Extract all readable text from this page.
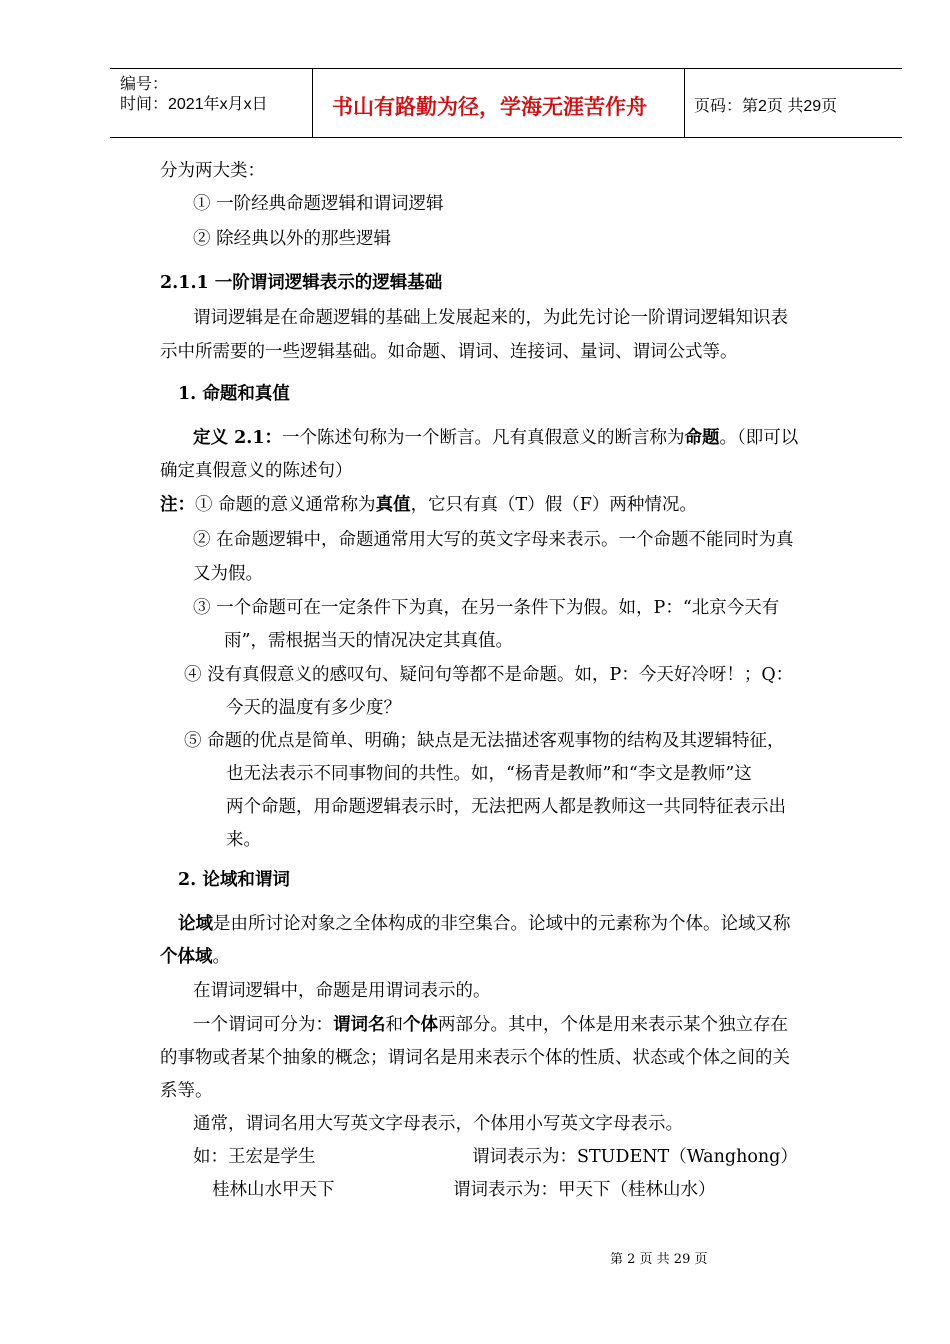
编号：
时间：2021年x月x日	书山有路勤为径，学海无涯苦作舟	页码：第2页 共29页
分为两大类：
① 一阶经典命题逻辑和谓词逻辑
② 除经典以外的那些逻辑
2.1.1 一阶谓词逻辑表示的逻辑基础
谓词逻辑是在命题逻辑的基础上发展起来的，为此先讨论一阶谓词逻辑知识表
示中所需要的一些逻辑基础。如命题、谓词、连接词、量词、谓词公式等。
1. 命题和真值
定义 2.1：一个陈述句称为一个断言。凡有真假意义的断言称为命题。（即可以
确定真假意义的陈述句）
注：① 命题的意义通常称为真值，它只有真（T）假（F）两种情况。
② 在命题逻辑中，命题通常用大写的英文字母来表示。一个命题不能同时为真
又为假。
③ 一个命题可在一定条件下为真，在另一条件下为假。如，P：“北京今天有
雨”，需根据当天的情况决定其真值。
④ 没有真假意义的感叹句、疑问句等都不是命题。如，P：今天好冷呀！；Q：
今天的温度有多少度？
⑤ 命题的优点是简单、明确；缺点是无法描述客观事物的结构及其逻辑特征，
也无法表示不同事物间的共性。如，“杨青是教师”和“李文是教师”这
两个命题，用命题逻辑表示时，无法把两人都是教师这一共同特征表示出
来。
2. 论域和谓词
论域是由所讨论对象之全体构成的非空集合。论域中的元素称为个体。论域又称
个体域。
在谓词逻辑中，命题是用谓词表示的。
一个谓词可分为：谓词名和个体两部分。其中，个体是用来表示某个独立存在
的事物或者某个抽象的概念；谓词名是用来表示个体的性质、状态或个体之间的关
系等。
通常，谓词名用大写英文字母表示，个体用小写英文字母表示。
如：王宏是学生	谓词表示为：STUDENT（Wanghong）
桂林山水甲天下	谓词表示为：甲天下（桂林山水）
第 2 页 共 29 页
